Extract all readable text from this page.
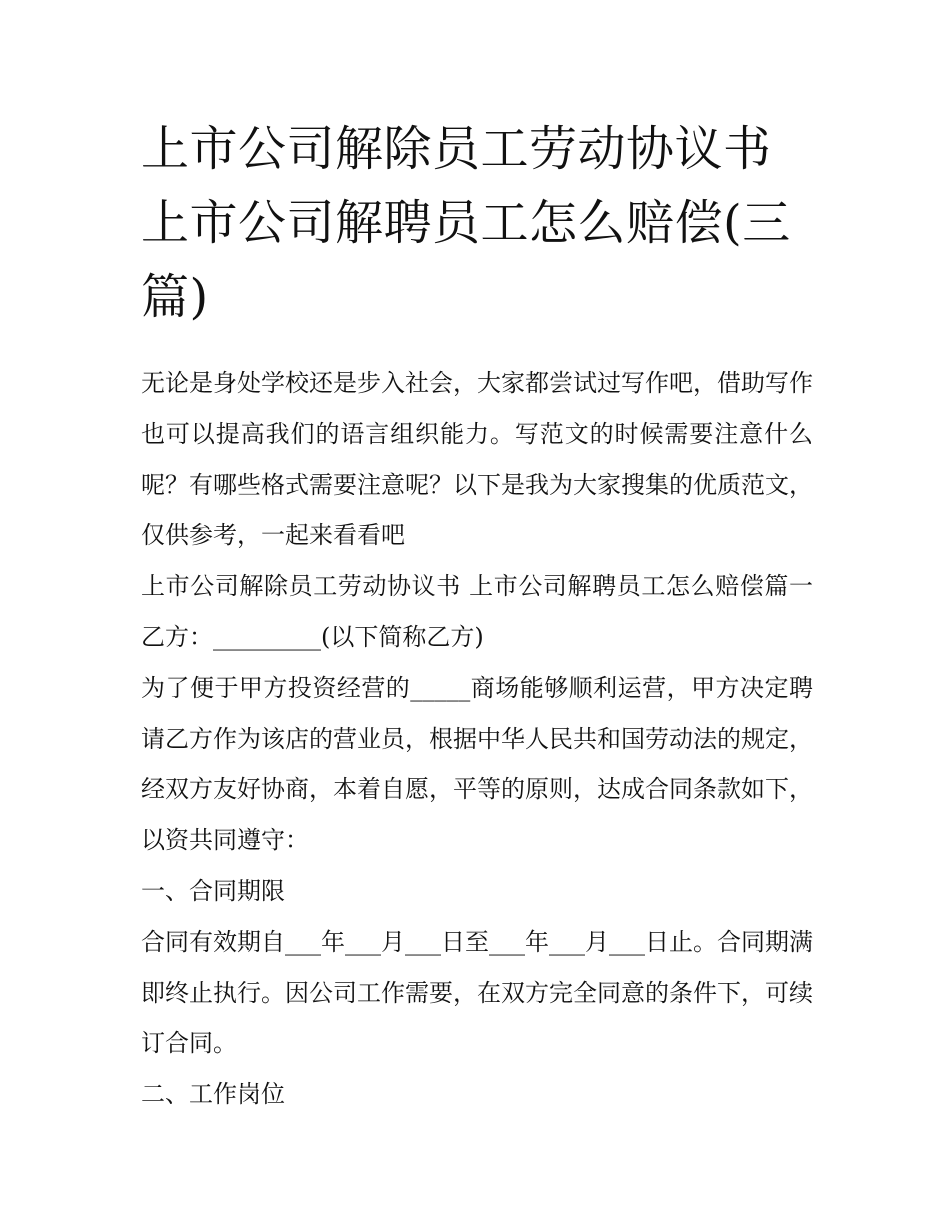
上市公司解除员工劳动协议书 上市公司解聘员工怎么赔偿(三篇)

无论是身处学校还是步入社会，大家都尝试过写作吧，借助写作也可以提高我们的语言组织能力。写范文的时候需要注意什么呢？有哪些格式需要注意呢？以下是我为大家搜集的优质范文，仅供参考，一起来看看吧

上市公司解除员工劳动协议书 上市公司解聘员工怎么赔偿篇一 乙方：_________(以下简称乙方)

为了便于甲方投资经营的_____商场能够顺利运营，甲方决定聘请乙方作为该店的营业员，根据中华人民共和国劳动法的规定，经双方友好协商，本着自愿，平等的原则，达成合同条款如下，以资共同遵守：

一、合同期限

合同有效期自___年___月___日至___年___月___日止。合同期满即终止执行。因公司工作需要，在双方完全同意的条件下，可续订合同。

二、工作岗位
